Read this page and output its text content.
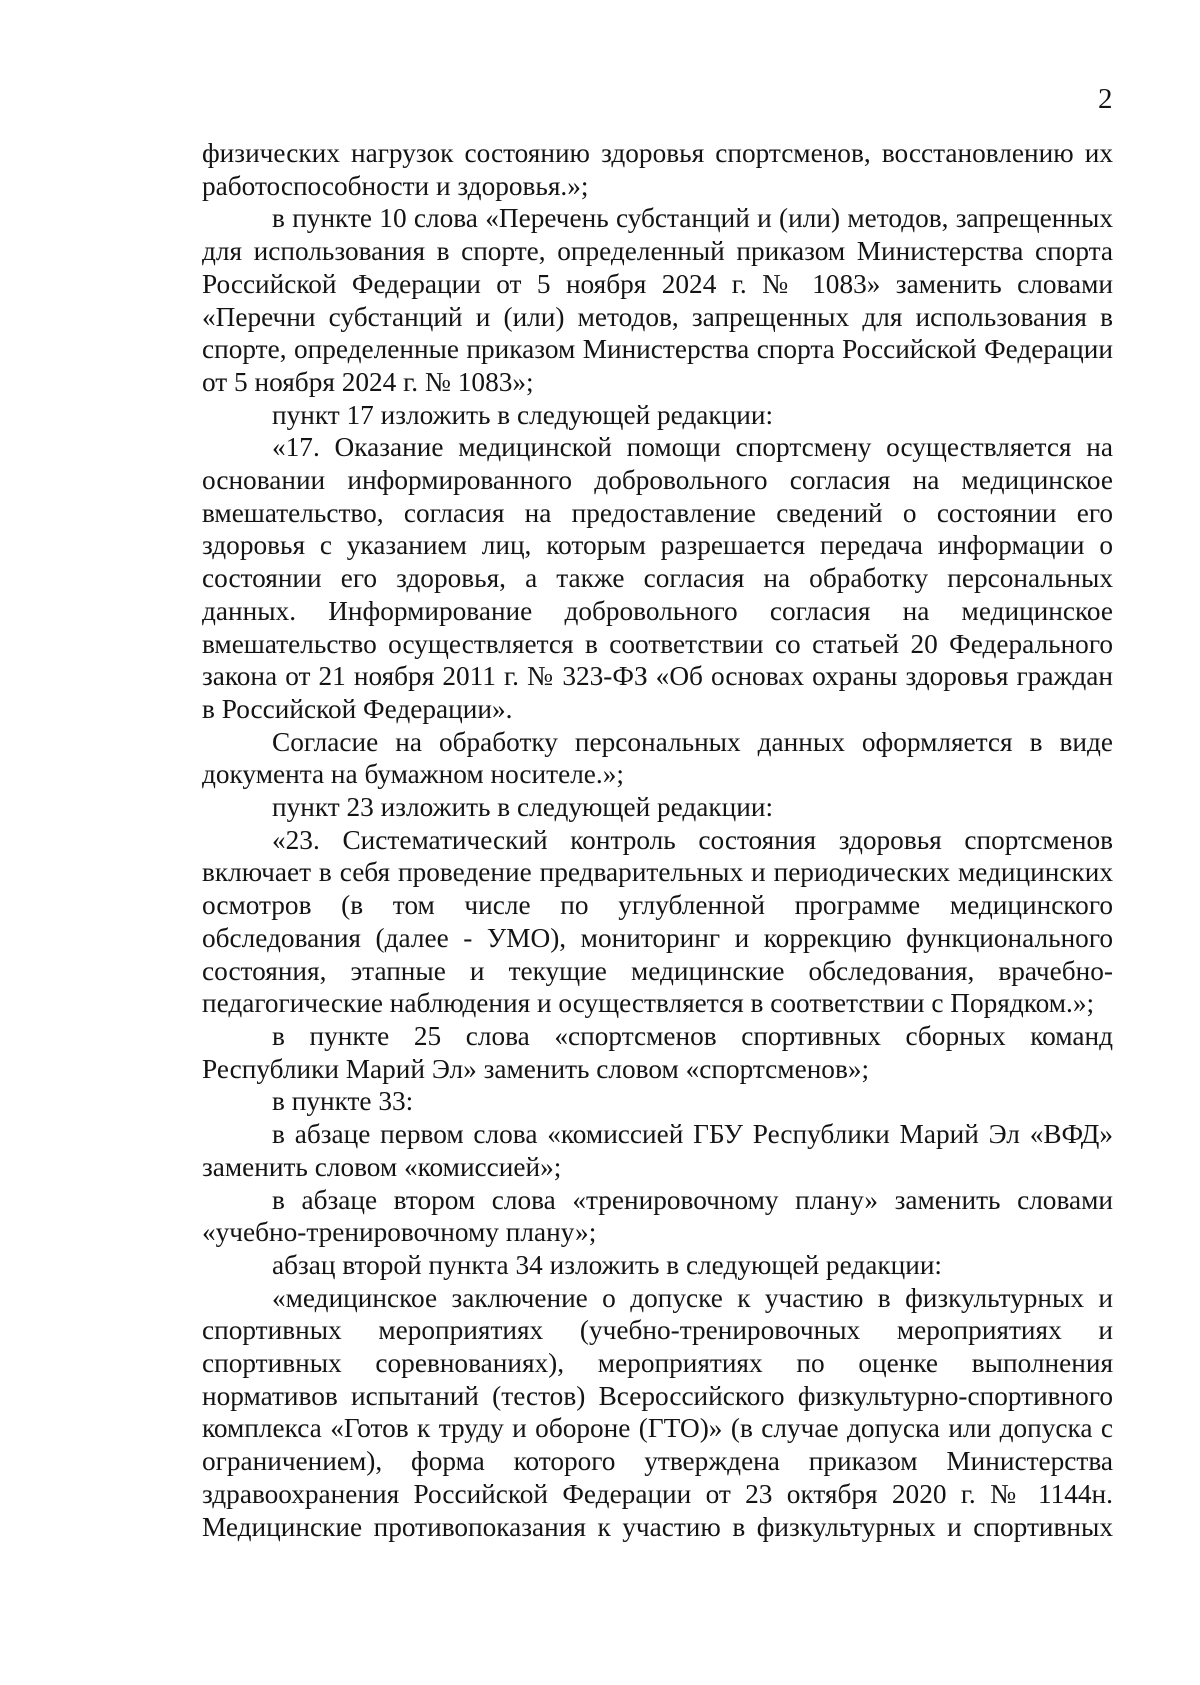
2

физических нагрузок состоянию здоровья спортсменов, восстановлению их работоспособности и здоровья.»;

в пункте 10 слова «Перечень субстанций и (или) методов, запрещенных для использования в спорте, определенный приказом Министерства спорта Российской Федерации от 5 ноября 2024 г. № 1083» заменить словами «Перечни субстанций и (или) методов, запрещенных для использования в спорте, определенные приказом Министерства спорта Российской Федерации от 5 ноября 2024 г. № 1083»;

пункт 17 изложить в следующей редакции:

«17. Оказание медицинской помощи спортсмену осуществляется на основании информированного добровольного согласия на медицинское вмешательство, согласия на предоставление сведений о состоянии его здоровья с указанием лиц, которым разрешается передача информации о состоянии его здоровья, а также согласия на обработку персональных данных. Информирование добровольного согласия на медицинское вмешательство осуществляется в соответствии со статьей 20 Федерального закона от 21 ноября 2011 г. № 323-ФЗ «Об основах охраны здоровья граждан в Российской Федерации».

Согласие на обработку персональных данных оформляется в виде документа на бумажном носителе.»;

пункт 23 изложить в следующей редакции:

«23. Систематический контроль состояния здоровья спортсменов включает в себя проведение предварительных и периодических медицинских осмотров (в том числе по углубленной программе медицинского обследования (далее - УМО), мониторинг и коррекцию функционального состояния, этапные и текущие медицинские обследования, врачебно-педагогические наблюдения и осуществляется в соответствии с Порядком.»;

в пункте 25 слова «спортсменов спортивных сборных команд Республики Марий Эл» заменить словом «спортсменов»;

в пункте 33:

в абзаце первом слова «комиссией ГБУ Республики Марий Эл «ВФД» заменить словом «комиссией»;

в абзаце втором слова «тренировочному плану» заменить словами «учебно-тренировочному плану»;

абзац второй пункта 34 изложить в следующей редакции:

«медицинское заключение о допуске к участию в физкультурных и спортивных мероприятиях (учебно-тренировочных мероприятиях и спортивных соревнованиях), мероприятиях по оценке выполнения нормативов испытаний (тестов) Всероссийского физкультурно-спортивного комплекса «Готов к труду и обороне (ГТО)» (в случае допуска или допуска с ограничением), форма которого утверждена приказом Министерства здравоохранения Российской Федерации от 23 октября 2020 г. № 1144н. Медицинские противопоказания к участию в физкультурных и спортивных
